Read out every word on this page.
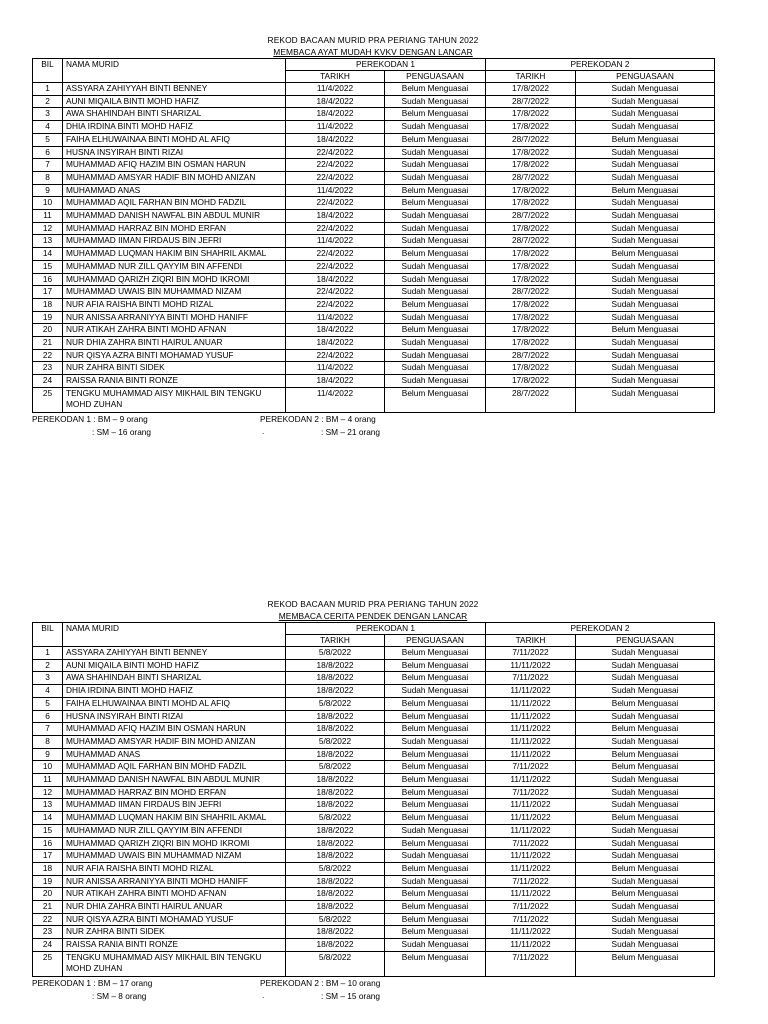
REKOD BACAAN MURID PRA PERIANG TAHUN 2022
MEMBACA AYAT MUDAH KVKV DENGAN LANCAR
BIL	NAMA MURID	PEREKODAN 1		PEREKODAN 2	
		TARIKH	PENGUASAAN	TARIKH	PENGUASAAN
1	ASSYARA ZAHIYYAH BINTI BENNEY	11/4/2022	Belum Menguasai	17/8/2022	Sudah Menguasai
2	AUNI MIQAILA BINTI MOHD HAFIZ	18/4/2022	Sudah Menguasai	28/7/2022	Sudah Menguasai
3	AWA SHAHINDAH BINTI SHARIZAL	18/4/2022	Belum Menguasai	17/8/2022	Sudah Menguasai
4	DHIA IRDINA BINTI MOHD HAFIZ	11/4/2022	Sudah Menguasai	17/8/2022	Sudah Menguasai
5	FAIHA ELHUWAINAA BINTI MOHD AL AFIQ	18/4/2022	Belum Menguasai	28/7/2022	Belum Menguasai
6	HUSNA INSYIRAH BINTI RIZAI	22/4/2022	Sudah Menguasai	17/8/2022	Sudah Menguasai
7	MUHAMMAD AFIQ HAZIM BIN OSMAN HARUN	22/4/2022	Sudah Menguasai	17/8/2022	Sudah Menguasai
8	MUHAMMAD AMSYAR HADIF BIN MOHD ANIZAN	22/4/2022	Sudah Menguasai	28/7/2022	Sudah Menguasai
9	MUHAMMAD ANAS	11/4/2022	Belum Menguasai	17/8/2022	Belum Menguasai
10	MUHAMMAD AQIL FARHAN BIN MOHD FADZIL	22/4/2022	Belum Menguasai	17/8/2022	Sudah Menguasai
11	MUHAMMAD DANISH NAWFAL BIN ABDUL MUNIR	18/4/2022	Sudah Menguasai	28/7/2022	Sudah Menguasai
12	MUHAMMAD HARRAZ BIN MOHD ERFAN	22/4/2022	Sudah Menguasai	17/8/2022	Sudah Menguasai
13	MUHAMMAD IIMAN FIRDAUS BIN JEFRI	11/4/2022	Sudah Menguasai	28/7/2022	Sudah Menguasai
14	MUHAMMAD LUQMAN HAKIM BIN SHAHRIL AKMAL	22/4/2022	Belum Menguasai	17/8/2022	Belum Menguasai
15	MUHAMMAD NUR ZILL QAYYIM BIN AFFENDI	22/4/2022	Sudah Menguasai	17/8/2022	Sudah Menguasai
16	MUHAMMAD QARIZH ZIQRI BIN MOHD IKROMI	18/4/2022	Sudah Menguasai	17/8/2022	Sudah Menguasai
17	MUHAMMAD UWAIS BIN MUHAMMAD NIZAM	22/4/2022	Sudah Menguasai	28/7/2022	Sudah Menguasai
18	NUR AFIA RAISHA BINTI MOHD RIZAL	22/4/2022	Belum Menguasai	17/8/2022	Sudah Menguasai
19	NUR ANISSA ARRANIYYA BINTI MOHD HANIFF	11/4/2022	Sudah Menguasai	17/8/2022	Sudah Menguasai
20	NUR ATIKAH ZAHRA BINTI MOHD AFNAN	18/4/2022	Belum Menguasai	17/8/2022	Belum Menguasai
21	NUR DHIA ZAHRA BINTI HAIRUL ANUAR	18/4/2022	Sudah Menguasai	17/8/2022	Sudah Menguasai
22	NUR QISYA AZRA BINTI MOHAMAD YUSUF	22/4/2022	Sudah Menguasai	28/7/2022	Sudah Menguasai
23	NUR ZAHRA BINTI SIDEK	11/4/2022	Sudah Menguasai	17/8/2022	Sudah Menguasai
24	RAISSA RANIA BINTI RONZE	18/4/2022	Sudah Menguasai	17/8/2022	Sudah Menguasai
25	TENGKU MUHAMMAD AISY MIKHAIL BIN TENGKU MOHD ZUHAN	11/4/2022	Belum Menguasai	28/7/2022	Sudah Menguasai
PEREKODAN 1 : BM – 9 orang
: SM – 16 orang
PEREKODAN 2 : BM – 4 orang
.	: SM – 21 orang
REKOD BACAAN MURID PRA PERIANG TAHUN 2022
MEMBACA CERITA PENDEK DENGAN LANCAR
BIL	NAMA MURID	PEREKODAN 1		PEREKODAN 2	
		TARIKH	PENGUASAAN	TARIKH	PENGUASAAN
1	ASSYARA ZAHIYYAH BINTI BENNEY	5/8/2022	Belum Menguasai	7/11/2022	Sudah Menguasai
2	AUNI MIQAILA BINTI MOHD HAFIZ	18/8/2022	Belum Menguasai	11/11/2022	Sudah Menguasai
3	AWA SHAHINDAH BINTI SHARIZAL	18/8/2022	Belum Menguasai	7/11/2022	Sudah Menguasai
4	DHIA IRDINA BINTI MOHD HAFIZ	18/8/2022	Sudah Menguasai	11/11/2022	Sudah Menguasai
5	FAIHA ELHUWAINAA BINTI MOHD AL AFIQ	5/8/2022	Belum Menguasai	11/11/2022	Belum Menguasai
6	HUSNA INSYIRAH BINTI RIZAI	18/8/2022	Belum Menguasai	11/11/2022	Sudah Menguasai
7	MUHAMMAD AFIQ HAZIM BIN OSMAN HARUN	18/8/2022	Belum Menguasai	11/11/2022	Belum Menguasai
8	MUHAMMAD AMSYAR HADIF BIN MOHD ANIZAN	5/8/2022	Sudah Menguasai	11/11/2022	Sudah Menguasai
9	MUHAMMAD ANAS	18/8/2022	Belum Menguasai	11/11/2022	Belum Menguasai
10	MUHAMMAD AQIL FARHAN BIN MOHD FADZIL	5/8/2022	Belum Menguasai	7/11/2022	Belum Menguasai
11	MUHAMMAD DANISH NAWFAL BIN ABDUL MUNIR	18/8/2022	Belum Menguasai	11/11/2022	Sudah Menguasai
12	MUHAMMAD HARRAZ BIN MOHD ERFAN	18/8/2022	Belum Menguasai	7/11/2022	Sudah Menguasai
13	MUHAMMAD IIMAN FIRDAUS BIN JEFRI	18/8/2022	Belum Menguasai	11/11/2022	Sudah Menguasai
14	MUHAMMAD LUQMAN HAKIM BIN SHAHRIL AKMAL	5/8/2022	Belum Menguasai	11/11/2022	Belum Menguasai
15	MUHAMMAD NUR ZILL QAYYIM BIN AFFENDI	18/8/2022	Sudah Menguasai	11/11/2022	Sudah Menguasai
16	MUHAMMAD QARIZH ZIQRI BIN MOHD IKROMI	18/8/2022	Belum Menguasai	7/11/2022	Sudah Menguasai
17	MUHAMMAD UWAIS BIN MUHAMMAD NIZAM	18/8/2022	Sudah Menguasai	11/11/2022	Sudah Menguasai
18	NUR AFIA RAISHA BINTI MOHD RIZAL	5/8/2022	Belum Menguasai	11/11/2022	Belum Menguasai
19	NUR ANISSA ARRANIYYA BINTI MOHD HANIFF	18/8/2022	Sudah Menguasai	7/11/2022	Sudah Menguasai
20	NUR ATIKAH ZAHRA BINTI MOHD AFNAN	18/8/2022	Belum Menguasai	11/11/2022	Belum Menguasai
21	NUR DHIA ZAHRA BINTI HAIRUL ANUAR	18/8/2022	Belum Menguasai	7/11/2022	Sudah Menguasai
22	NUR QISYA AZRA BINTI MOHAMAD YUSUF	5/8/2022	Belum Menguasai	7/11/2022	Sudah Menguasai
23	NUR ZAHRA BINTI SIDEK	18/8/2022	Belum Menguasai	11/11/2022	Sudah Menguasai
24	RAISSA RANIA BINTI RONZE	18/8/2022	Sudah Menguasai	11/11/2022	Sudah Menguasai
25	TENGKU MUHAMMAD AISY MIKHAIL BIN TENGKU MOHD ZUHAN	5/8/2022	Belum Menguasai	7/11/2022	Belum Menguasai
PEREKODAN 1 : BM – 17 orang
: SM – 8 orang
PEREKODAN 2 : BM – 10 orang
.	: SM – 15 orang
